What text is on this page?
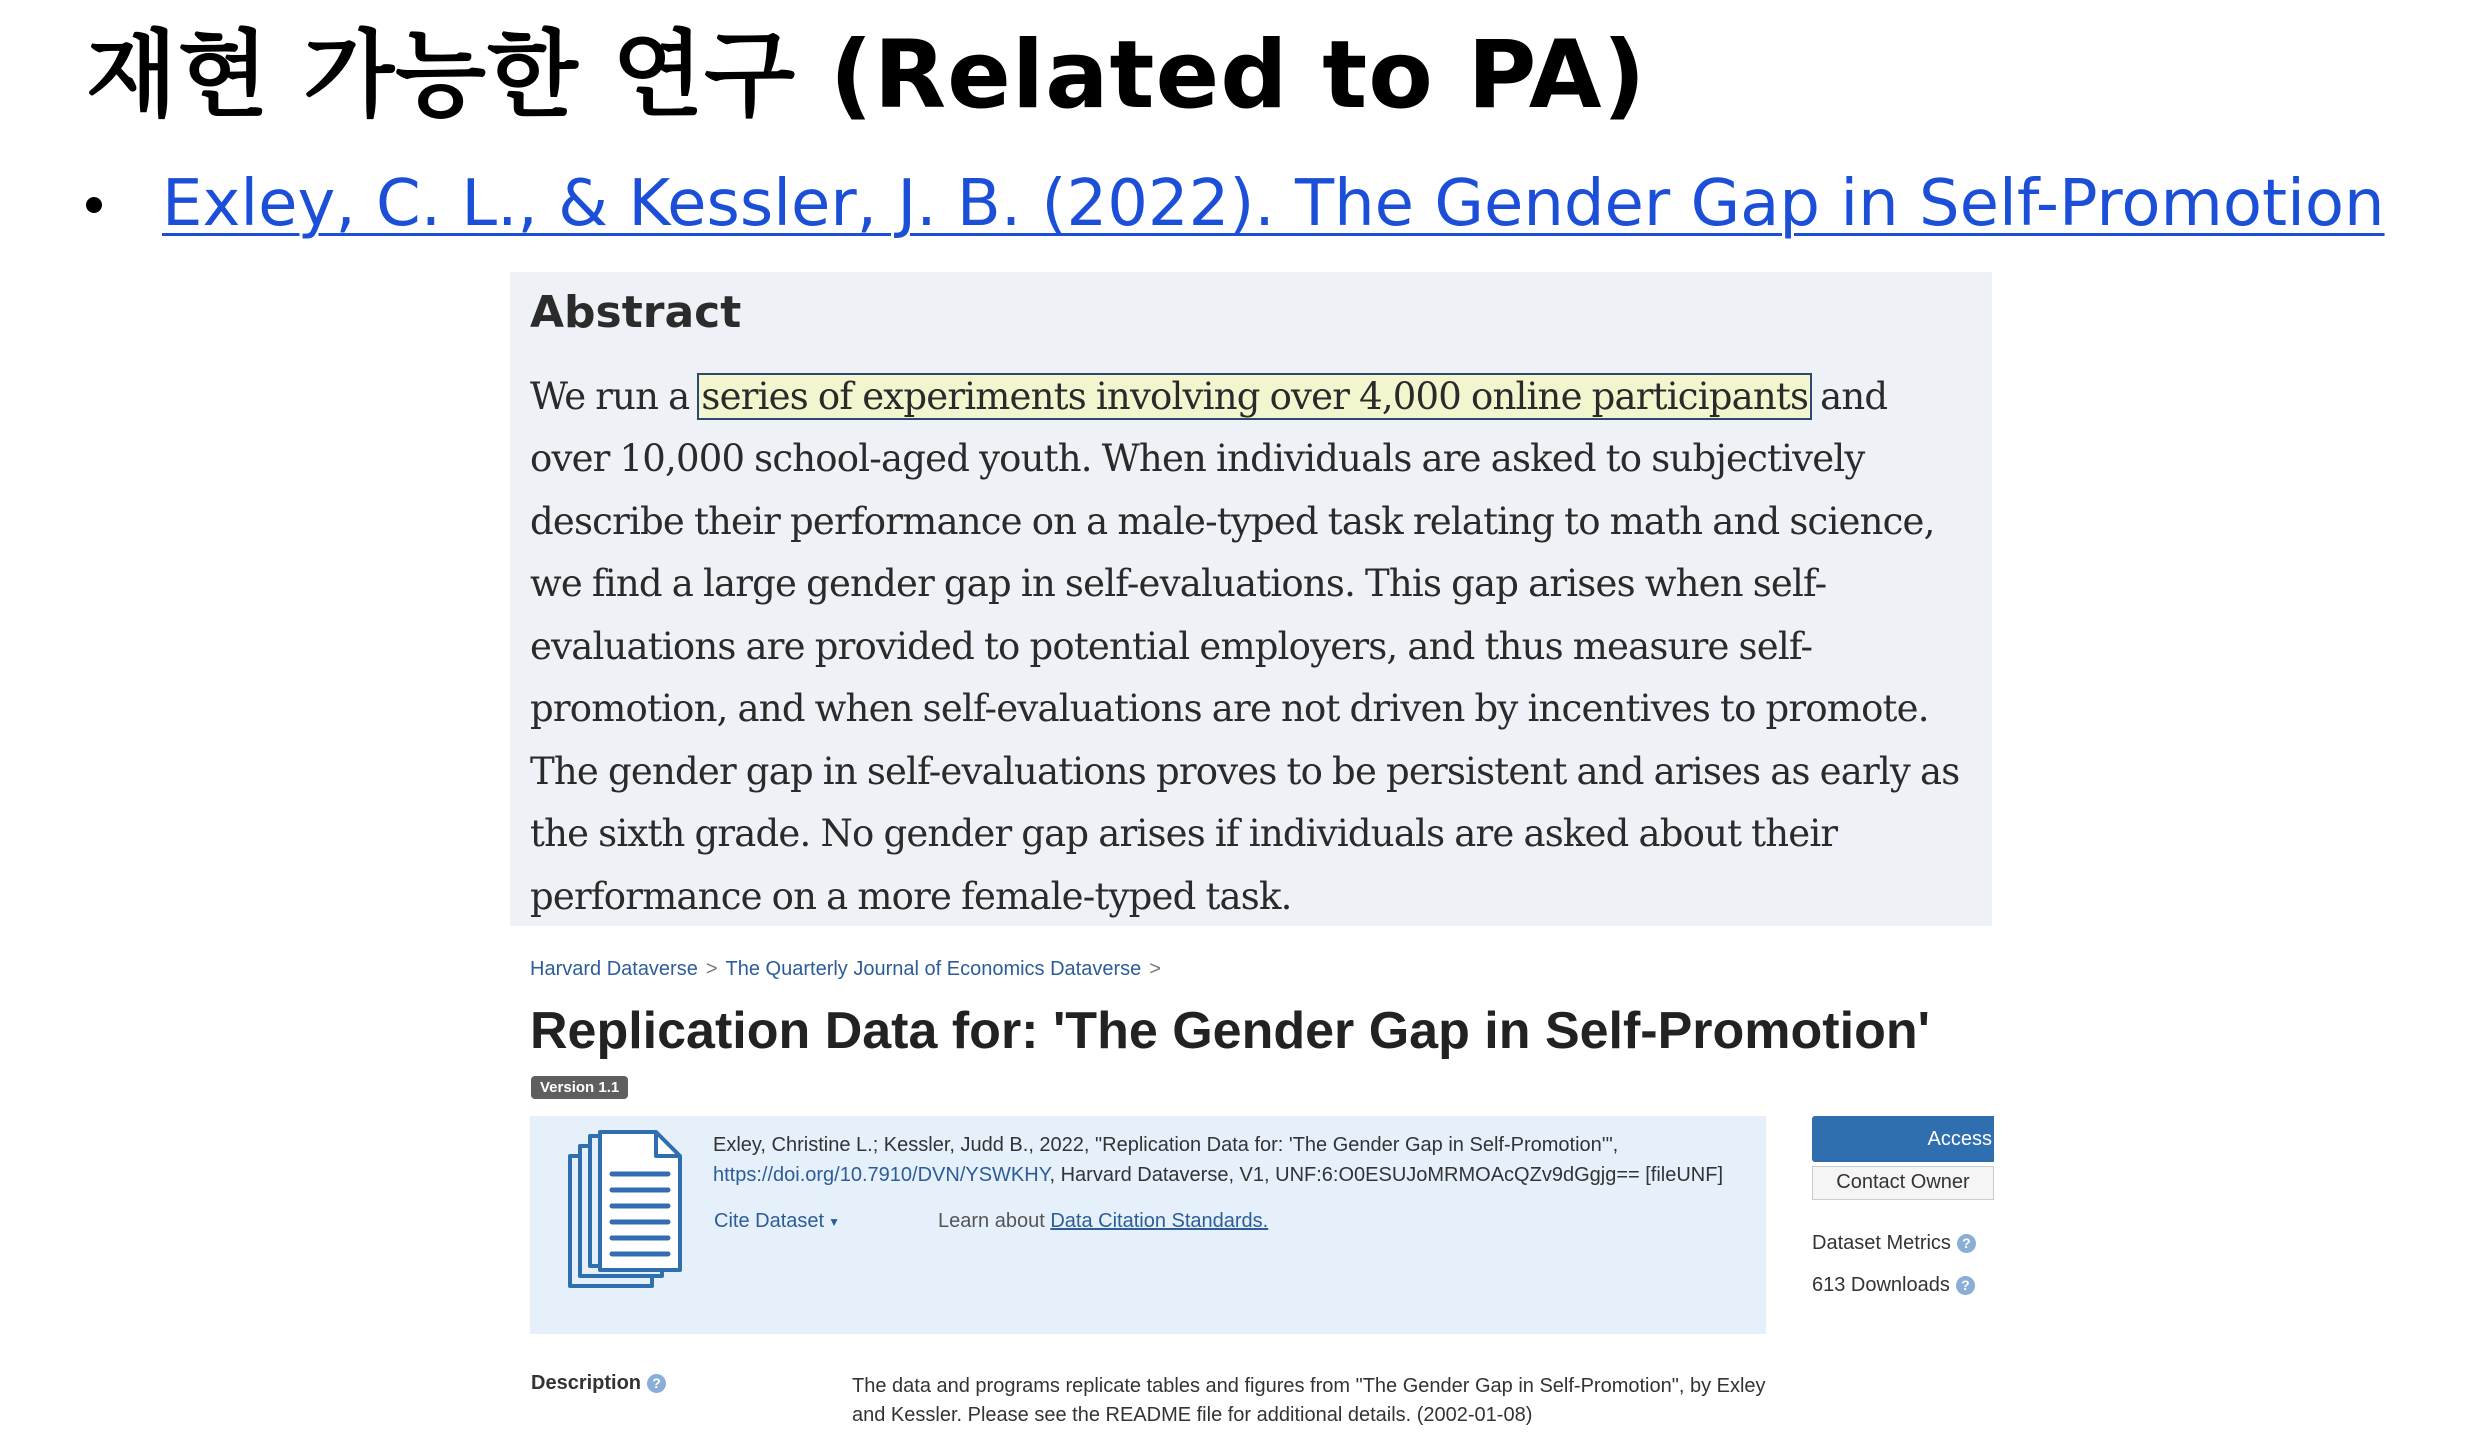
재현 가능한 연구 (Related to PA)
Exley, C. L., & Kessler, J. B. (2022). The Gender Gap in Self-Promotion
Abstract

We run a series of experiments involving over 4,000 online participants and over 10,000 school-aged youth. When individuals are asked to subjectively describe their performance on a male-typed task relating to math and science, we find a large gender gap in self-evaluations. This gap arises when self-evaluations are provided to potential employers, and thus measure self-promotion, and when self-evaluations are not driven by incentives to promote. The gender gap in self-evaluations proves to be persistent and arises as early as the sixth grade. No gender gap arises if individuals are asked about their performance on a more female-typed task.

Harvard Dataverse > The Quarterly Journal of Economics Dataverse >
Replication Data for: 'The Gender Gap in Self-Promotion'
Version 1.1
Exley, Christine L.; Kessler, Judd B., 2022, "Replication Data for: 'The Gender Gap in Self-Promotion'", https://doi.org/10.7910/DVN/YSWKHY, Harvard Dataverse, V1, UNF:6:O0ESUJoMRMOAcQZv9dGgjg== [fileUNF]
Cite Dataset ▼	Learn about Data Citation Standards.
Access
Contact Owner
Dataset Metrics ?
613 Downloads ?
Description ?	The data and programs replicate tables and figures from "The Gender Gap in Self-Promotion", by Exley and Kessler. Please see the README file for additional details. (2002-01-08)
